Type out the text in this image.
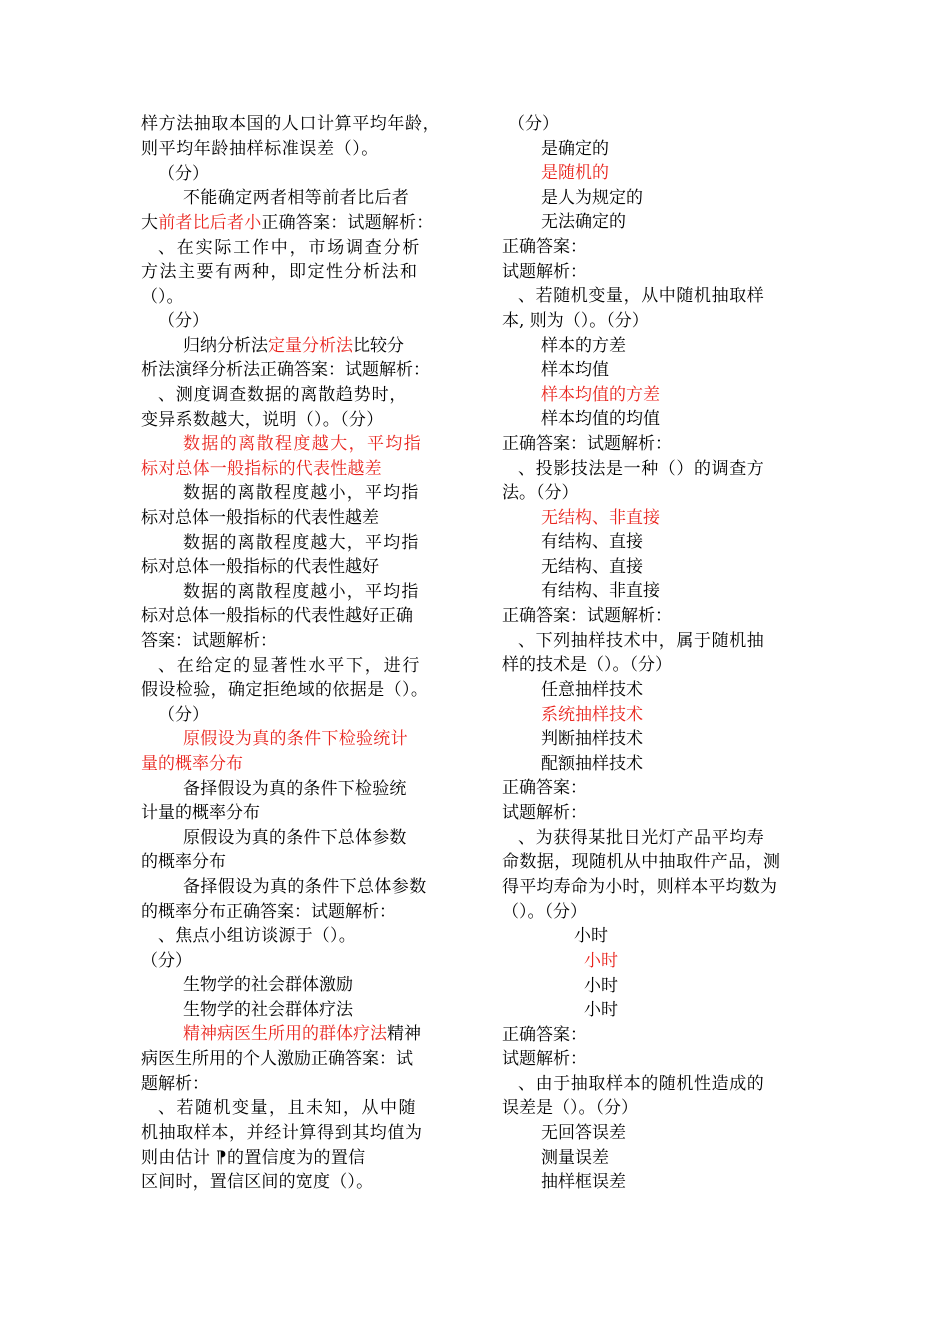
样方法抽取本国的人口计算平均年龄，
则平均年龄抽样标准误差（）。
（分）
不能确定两者相等前者比后者
大前者比后者小正确答案：试题解析：
、在实际工作中，市场调查分析
方法主要有两种，即定性分析法和
（）。
（分）
归纳分析法定量分析法比较分
析法演绎分析法正确答案：试题解析：
、测度调查数据的离散趋势时，
变异系数越大，说明（）。（分）
数据的离散程度越大，平均指
标对总体一般指标的代表性越差
数据的离散程度越小，平均指
标对总体一般指标的代表性越差
数据的离散程度越大，平均指
标对总体一般指标的代表性越好
数据的离散程度越小，平均指
标对总体一般指标的代表性越好正确
答案：试题解析：
、在给定的显著性水平下，进行
假设检验，确定拒绝域的依据是（）。
（分）
原假设为真的条件下检验统计
量的概率分布
备择假设为真的条件下检验统
计量的概率分布
原假设为真的条件下总体参数
的概率分布
备择假设为真的条件下总体参数
的概率分布正确答案：试题解析：
、焦点小组访谈源于（）。
（分）
生物学的社会群体激励
生物学的社会群体疗法
精神病医生所用的群体疗法精神
病医生所用的个人激励正确答案：试
题解析：
、若随机变量，且未知，从中随
机抽取样本，并经计算得到其均值为
则由估计 ⁋的置信度为的置信
区间时，置信区间的宽度（）。
（分）
是确定的
是随机的
是人为规定的
无法确定的
正确答案：
试题解析：
、若随机变量，从中随机抽取样
本, 则为（）。（分）
样本的方差
样本均值
样本均值的方差
样本均值的均值
正确答案：试题解析：
、投影技法是一种（）的调查方
法。（分）
无结构、非直接
有结构、直接
无结构、直接
有结构、非直接
正确答案：试题解析：
、下列抽样技术中，属于随机抽
样的技术是（）。（分）
任意抽样技术
系统抽样技术
判断抽样技术
配额抽样技术
正确答案：
试题解析：
、为获得某批日光灯产品平均寿
命数据，现随机从中抽取件产品，测
得平均寿命为小时，则样本平均数为
（）。（分）
小时
小时
小时
小时
正确答案：
试题解析：
、由于抽取样本的随机性造成的
误差是（）。（分）
无回答误差
测量误差
抽样框误差
